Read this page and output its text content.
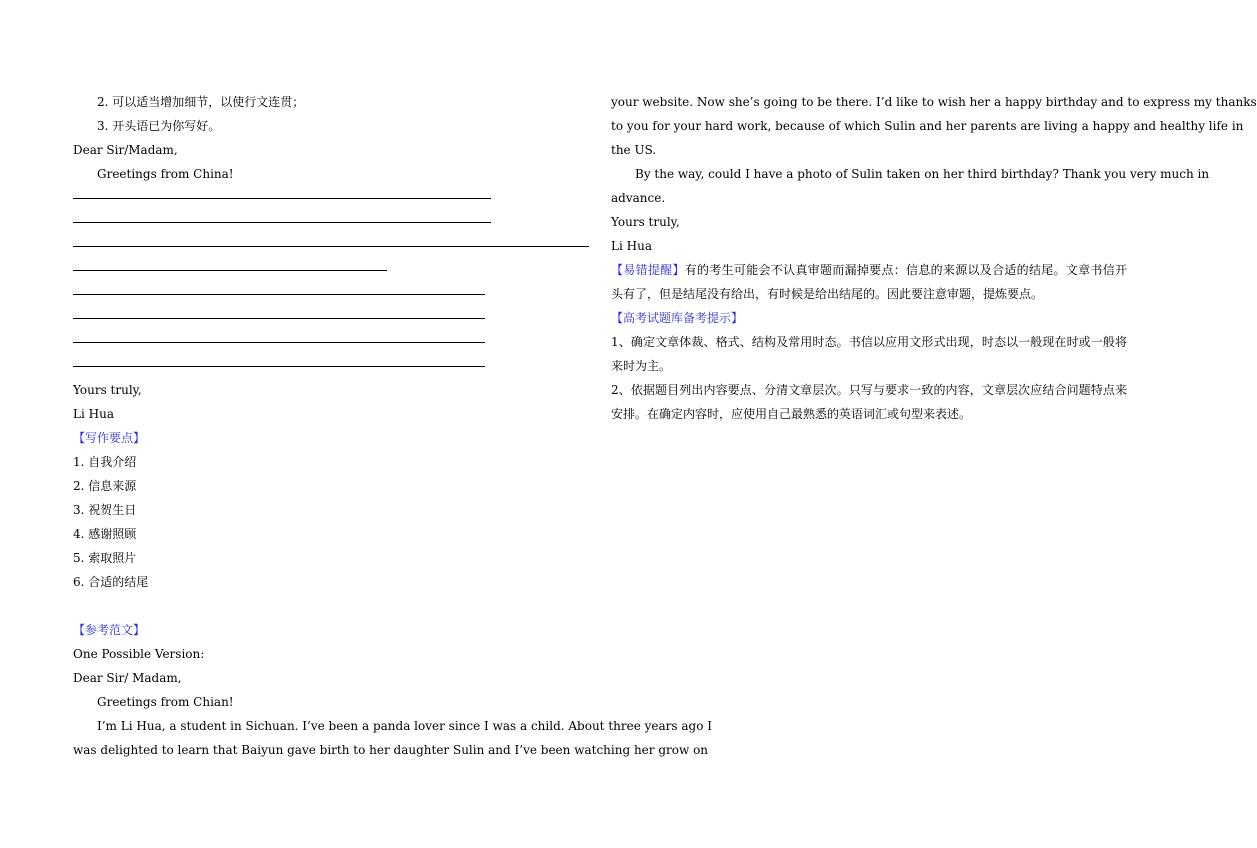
2. 可以适当增加细节，以使行文连贯；
3. 开头语已为你写好。
Dear Sir/Madam,
Greetings from China!
Yours truly,
Li Hua
【写作要点】
1. 自我介绍
2. 信息来源
3. 祝贺生日
4. 感谢照顾
5. 索取照片
6. 合适的结尾
【参考范文】
One Possible Version:
Dear Sir/ Madam,
Greetings from Chian!
I’m Li Hua, a student in Sichuan. I’ve been a panda lover since I was a child. About three years ago I
was delighted to learn that Baiyun gave birth to her daughter Sulin and I’ve been watching her grow on
your website. Now she’s going to be there. I’d like to wish her a happy birthday and to express my thanks
to you for your hard work, because of which Sulin and her parents are living a happy and healthy life in
the US.
By the way, could I have a photo of Sulin taken on her third birthday? Thank you very much in
advance.
Yours truly,
Li Hua
【易错提醒】有的考生可能会不认真审题而漏掉要点：信息的来源以及合适的结尾。文章书信开头有了，但是结尾没有给出，有时候是给出结尾的。因此要注意审题，提炼要点。
【高考试题库备考提示】
1、确定文章体裁、格式、结构及常用时态。书信以应用文形式出现，时态以一般现在时或一般将来时为主。
2、依据题目列出内容要点、分清文章层次。只写与要求一致的内容，文章层次应结合问题特点来安排。在确定内容时，应使用自己最熟悉的英语词汇或句型来表述。
